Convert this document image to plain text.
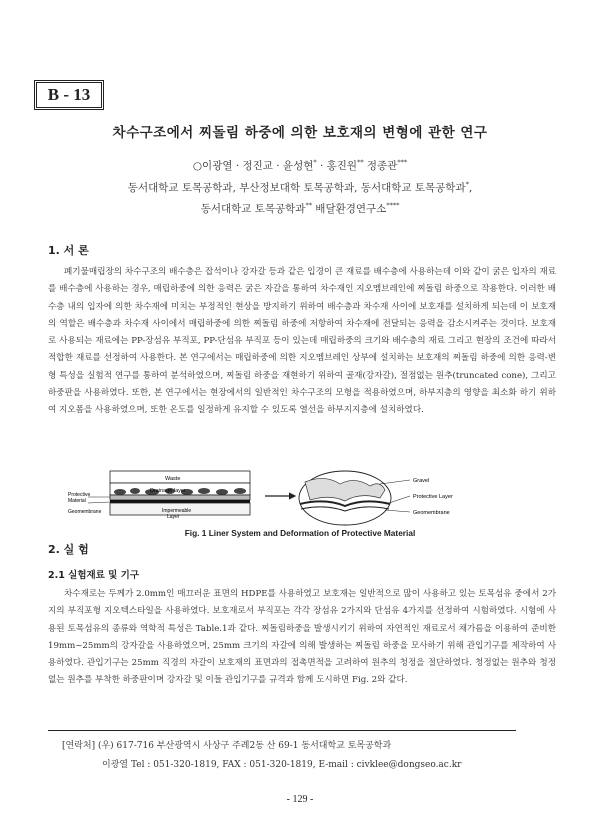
B - 13
차수구조에서 찌돌림 하중에 의한 보호재의 변형에 관한 연구
○이광열 · 정진교 · 윤성현* · 홍진원** 정종관***
동서대학교 토목공학과, 부산정보대학 토목공학과, 동서대학교 토목공학과*,
동서대학교 토목공학과** 배달환경연구소****
1. 서 론
폐기물매립장의 차수구조의 배수층은 잡석이나 강자갈 등과 같은 입경이 큰 재료를 배수층에 사용하는데 이와 같이 굵은 입자의 재료를 배수층에 사용하는 경우, 매립하중에 의한 응력은 굵은 자갈을 통하여 차수재인 지오멤브레인에 찌돌림 하중으로 작용한다. 이러한 배수층 내의 입자에 의한 차수재에 미치는 부정적인 현상을 방지하기 위하여 배수층과 차수재 사이에 보호재를 설치하게 되는데 이 보호재의 역할은 배수층과 차수재 사이에서 매립하중에 의한 찌돌림 하중에 저항하여 차수재에 전달되는 응력을 감소시켜주는 것이다. 보호재로 사용되는 재료에는 PP-장섬유 부직포, PP-단섬유 부직포 등이 있는데 매립하중의 크기와 배수층의 재료 그리고 현장의 조건에 따라서 적합한 재료를 선정하여 사용한다. 본 연구에서는 매립하중에 의한 지오멤브레인 상부에 설치하는 보호재의 찌돌림 하중에 의한 응력-변형 특성을 실험적 연구를 통하여 분석하였으며, 찌돌림 하중을 재현하기 위하여 골재(강자갈), 절점없는 원추(truncated cone), 그리고 하중판을 사용하였다. 또한, 본 연구에서는 현장에서의 일반적인 차수구조의 모형을 적용하였으며, 하부지층의 영향을 최소화 하기 위하여 지오폼을 사용하였으며, 또한 온도를 일정하게 유지할 수 있도록 열선을 하부지지층에 설치하였다.
Waste
Drainage layer
Protective Material
Geomembrane	Impermeable Layer
Gravel
Protective Layer
Geomembrane
Fig. 1 Liner System and Deformation of Protective Material
2. 실 험
2.1 실험재료 및 기구
차수재로는 두께가 2.0mm인 매끄러운 표면의 HDPE를 사용하였고 보호재는 일반적으로 많이 사용하고 있는 토목섬유 중에서 2가지의 부직포형 지오텍스타일을 사용하였다. 보호재로서 부직포는 각각 장섬유 2가지와 단섬유 4가지를 선정하여 시험하였다. 시험에 사용된 토목섬유의 종류와 역학적 특성은 Table.1과 같다. 찌돌림하중을 발생시키기 위하여 자연적인 재료로서 채가름을 이용하여 준비한 19mm~25mm의 강자갈을 사용하였으며, 25mm 크기의 자갈에 의해 발생하는 찌돌림 하중을 모사하기 위해 관입기구를 제작하여 사용하였다. 관입기구는 25mm 직경의 자갈이 보호재의 표면과의 접촉면적을 고려하여 원추의 청정을 절단하였다. 청정없는 원추와 청정없는 원추를 부착한 하중판이며 강자갈 및 이들 관입기구를 규격과 함께 도시하면 Fig. 2와 같다.
[연락처] (우) 617-716 부산광역시 사상구 주례2동 산 69-1 동서대학교 토목공학과
이광열 Tel : 051-320-1819, FAX : 051-320-1819, E-mail : civklee@dongseo.ac.kr
- 129 -
